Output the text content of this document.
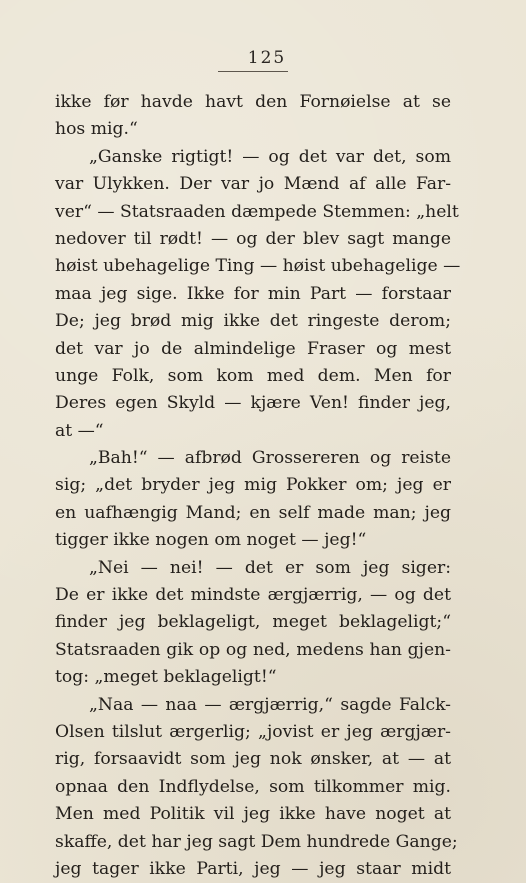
125
ikke før havde havt den Fornøielse at se
hos mig.“
„Ganske rigtigt! — og det var det, som
var Ulykken. Der var jo Mænd af alle Far-
ver“ — Statsraaden dæmpede Stemmen: „helt
nedover til rødt! — og der blev sagt mange
høist ubehagelige Ting — høist ubehagelige —
maa jeg sige. Ikke for min Part — forstaar
De; jeg brød mig ikke det ringeste derom;
det var jo de almindelige Fraser og mest
unge Folk, som kom med dem. Men for
Deres egen Skyld — kjære Ven! finder jeg,
at —“
„Bah!“ — afbrød Grossereren og reiste
sig; „det bryder jeg mig Pokker om; jeg er
en uafhængig Mand; en self made man; jeg
tigger ikke nogen om noget — jeg!“
„Nei — nei! — det er som jeg siger:
De er ikke det mindste ærgjærrig, — og det
finder jeg beklageligt, meget beklageligt;“
Statsraaden gik op og ned, medens han gjen-
tog: „meget beklageligt!“
„Naa — naa — ærgjærrig,“ sagde Falck-
Olsen tilslut ærgerlig; „jovist er jeg ærgjær-
rig, forsaavidt som jeg nok ønsker, at — at
opnaa den Indflydelse, som tilkommer mig.
Men med Politik vil jeg ikke have noget at
skaffe, det har jeg sagt Dem hundrede Gange;
jeg tager ikke Parti, jeg — jeg staar midt
